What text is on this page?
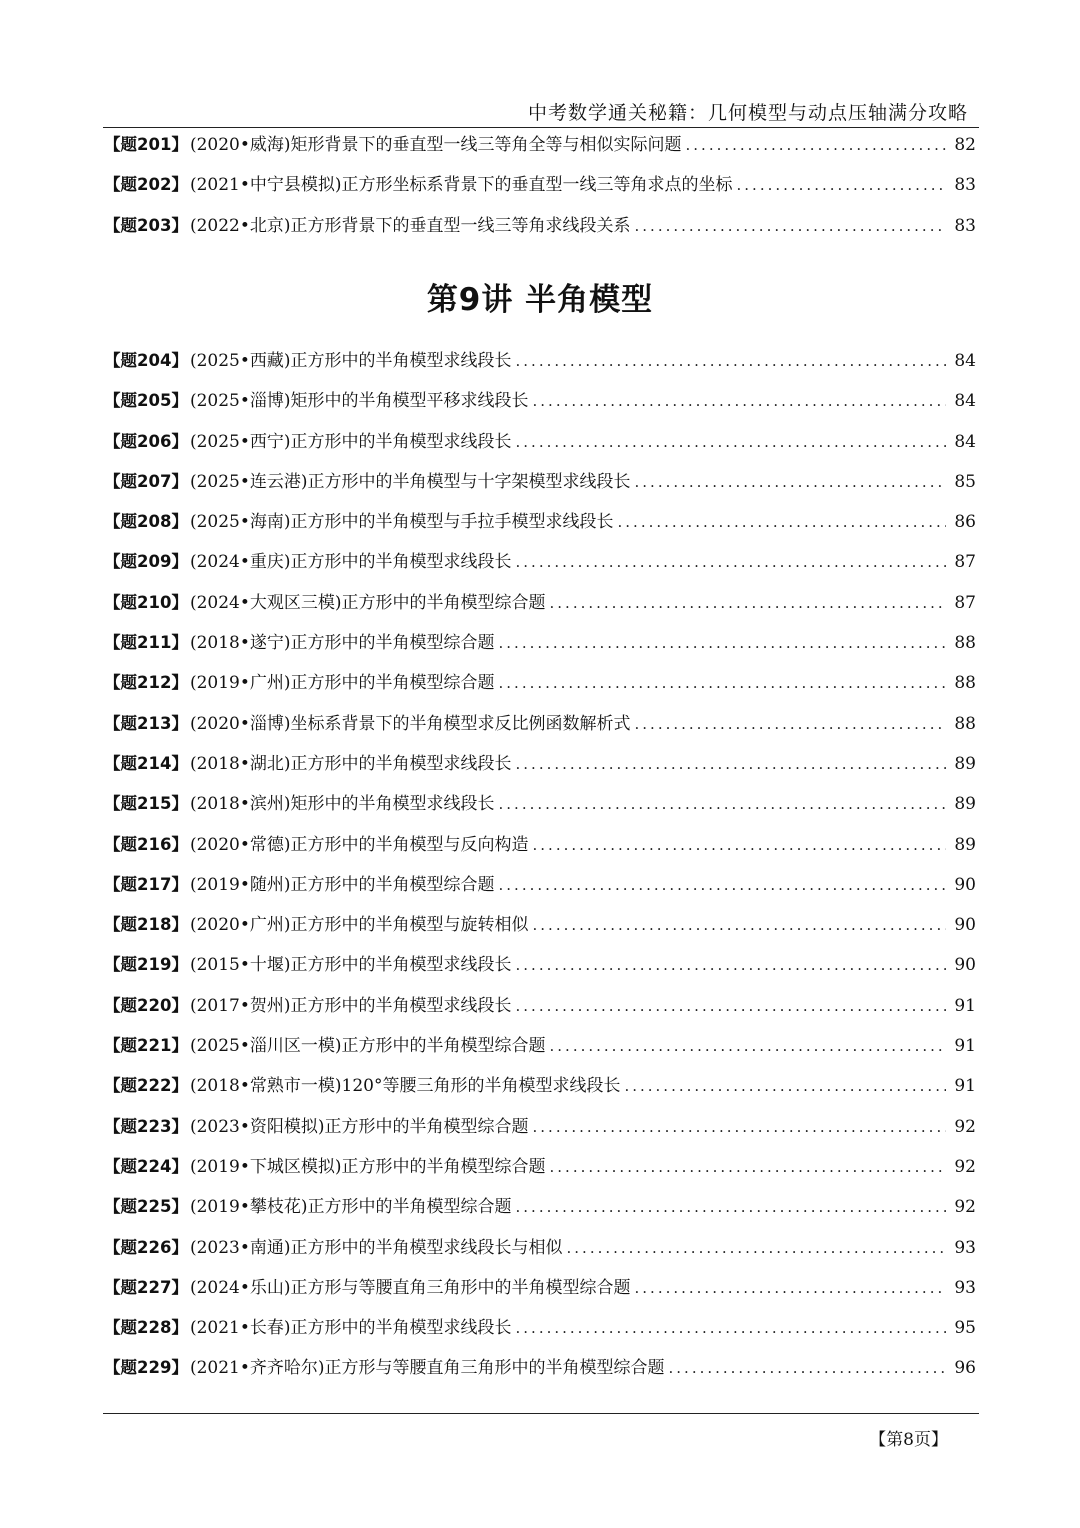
中考数学通关秘籍：几何模型与动点压轴满分攻略
【题201】 (2020•威海) 矩形背景下的垂直型一线三等角全等与相似实际问题 .....	82
【题202】 (2021•中宁县模拟) 正方形坐标系背景下的垂直型一线三等角求点的坐标 .....	83
【题203】 (2022•北京) 正方形背景下的垂直型一线三等角求线段关系 .....	83
第9讲 半角模型
【题204】 (2025•西藏) 正方形中的半角模型求线段长 .....	84
【题205】 (2025•淄博) 矩形中的半角模型平移求线段长 .....	84
【题206】 (2025•西宁) 正方形中的半角模型求线段长 .....	84
【题207】 (2025•连云港) 正方形中的半角模型与十字架模型求线段长 .....	85
【题208】 (2025•海南) 正方形中的半角模型与手拉手模型求线段长 .....	86
【题209】 (2024•重庆) 正方形中的半角模型求线段长 .....	87
【题210】 (2024•大观区三模) 正方形中的半角模型综合题 .....	87
【题211】 (2018•遂宁) 正方形中的半角模型综合题 .....	88
【题212】 (2019•广州) 正方形中的半角模型综合题 .....	88
【题213】 (2020•淄博) 坐标系背景下的半角模型求反比例函数解析式 .....	88
【题214】 (2018•湖北) 正方形中的半角模型求线段长 .....	89
【题215】 (2018•滨州) 矩形中的半角模型求线段长 .....	89
【题216】 (2020•常德) 正方形中的半角模型与反向构造 .....	89
【题217】 (2019•随州) 正方形中的半角模型综合题 .....	90
【题218】 (2020•广州) 正方形中的半角模型与旋转相似 .....	90
【题219】 (2015•十堰) 正方形中的半角模型求线段长 .....	90
【题220】 (2017•贺州) 正方形中的半角模型求线段长 .....	91
【题221】 (2025•淄川区一模) 正方形中的半角模型综合题 .....	91
【题222】 (2018•常熟市一模) 120°等腰三角形的半角模型求线段长 .....	91
【题223】 (2023•资阳模拟) 正方形中的半角模型综合题 .....	92
【题224】 (2019•下城区模拟) 正方形中的半角模型综合题 .....	92
【题225】 (2019•攀枝花) 正方形中的半角模型综合题 .....	92
【题226】 (2023•南通) 正方形中的半角模型求线段长与相似 .....	93
【题227】 (2024•乐山) 正方形与等腰直角三角形中的半角模型综合题 .....	93
【题228】 (2021•长春) 正方形中的半角模型求线段长 .....	95
【题229】 (2021•齐齐哈尔) 正方形与等腰直角三角形中的半角模型综合题 .....	96
【第8页】
